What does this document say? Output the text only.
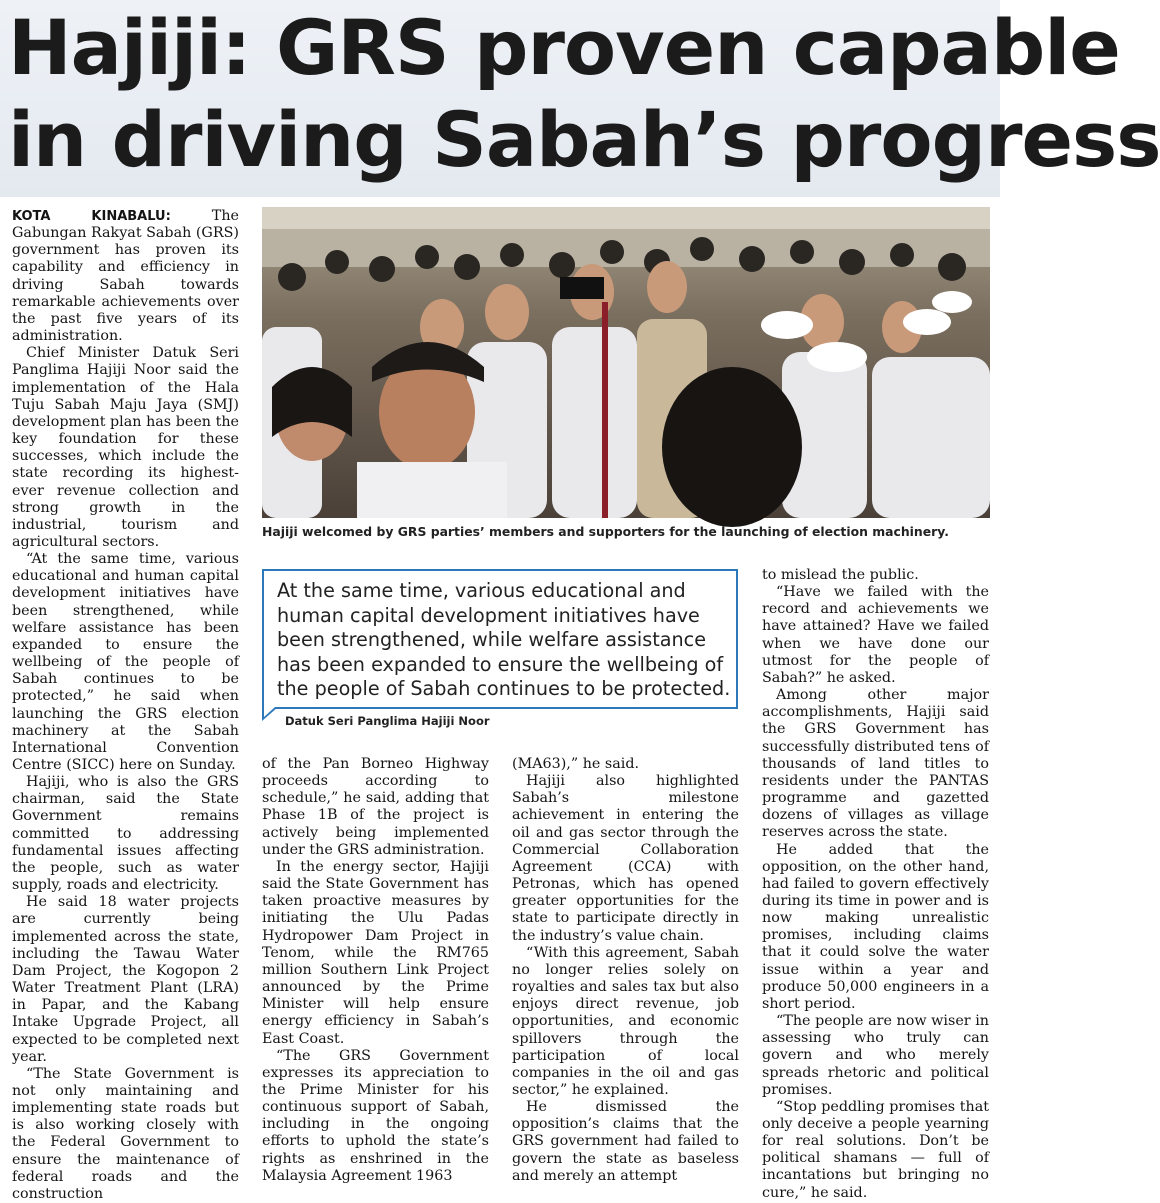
Hajiji: GRS proven capable
in driving Sabah’s progress

KOTA KINABALU:	The Gabungan Rakyat Sabah (GRS) government has proven its capability and efficiency in driving Sabah towards remarkable achievements over the past five years of its administration.

Chief Minister Datuk Seri Panglima Hajiji Noor said the implementation of the Hala Tuju Sabah Maju Jaya (SMJ) development plan has been the key foundation for these successes, which include the state recording its highest-ever revenue collection and strong growth in the industrial, tourism and agricultural sectors.

“At the same time, various educational and human capital development initiatives have been strengthened, while welfare assistance has been expanded to ensure the wellbeing of the people of Sabah continues to be protected,” he said when launching the GRS election machinery at the Sabah International Convention Centre (SICC) here on Sunday.

Hajiji, who is also the GRS chairman, said the State Government remains committed to addressing fundamental issues affecting the people, such as water supply, roads and electricity.

He said 18 water projects are currently being implemented across the state, including the Tawau Water Dam Project, the Kogopon 2 Water Treatment Plant (LRA) in Papar, and the Kabang Intake Upgrade Project, all expected to be completed next year.

“The State Government is not only maintaining and implementing state roads but is also working closely with the Federal Government to ensure the maintenance of federal roads and the construction

Hajiji welcomed by GRS parties’ members and supporters for the launching of election machinery.
At the same time, various educational and human capital development initiatives have been strengthened, while welfare assistance has been expanded to ensure the wellbeing of the people of Sabah continues to be protected.
Datuk Seri Panglima Hajiji Noor

of the Pan Borneo Highway proceeds according to schedule,” he said, adding that Phase 1B of the project is actively being implemented under the GRS administration.

In the energy sector, Hajiji said the State Government has taken proactive measures by initiating the Ulu Padas Hydropower Dam Project in Tenom, while the RM765 million Southern Link Project announced by the Prime Minister will help ensure energy efficiency in Sabah’s East Coast.

“The GRS Government expresses its appreciation to the Prime Minister for his continuous support of Sabah, including in the ongoing efforts to uphold the state’s rights as enshrined in the Malaysia Agreement 1963

(MA63),” he said.

Hajiji also highlighted Sabah’s milestone achievement in entering the oil and gas sector through the Commercial Collaboration Agreement (CCA) with Petronas, which has opened greater opportunities for the state to participate directly in the industry’s value chain.

“With this agreement, Sabah no longer relies solely on royalties and sales tax but also enjoys direct revenue, job opportunities, and economic spillovers through the participation of local companies in the oil and gas sector,” he explained.

He dismissed the opposition’s claims that the GRS government had failed to govern the state as baseless and merely an attempt

to mislead the public.

“Have we failed with the record and achievements we have attained? Have we failed when we have done our utmost for the people of Sabah?” he asked.

Among other major accomplishments, Hajiji said the GRS Government has successfully distributed tens of thousands of land titles to residents under the PANTAS programme and gazetted dozens of villages as village reserves across the state.

He added that the opposition, on the other hand, had failed to govern effectively during its time in power and is now making unrealistic promises, including claims that it could solve the water issue within a year and produce 50,000 engineers in a short period.

“The people are now wiser in assessing who truly can govern and who merely spreads rhetoric and political promises.

“Stop peddling promises that only deceive a people yearning for real solutions. Don’t be political shamans — full of incantations but bringing no cure,” he said.
